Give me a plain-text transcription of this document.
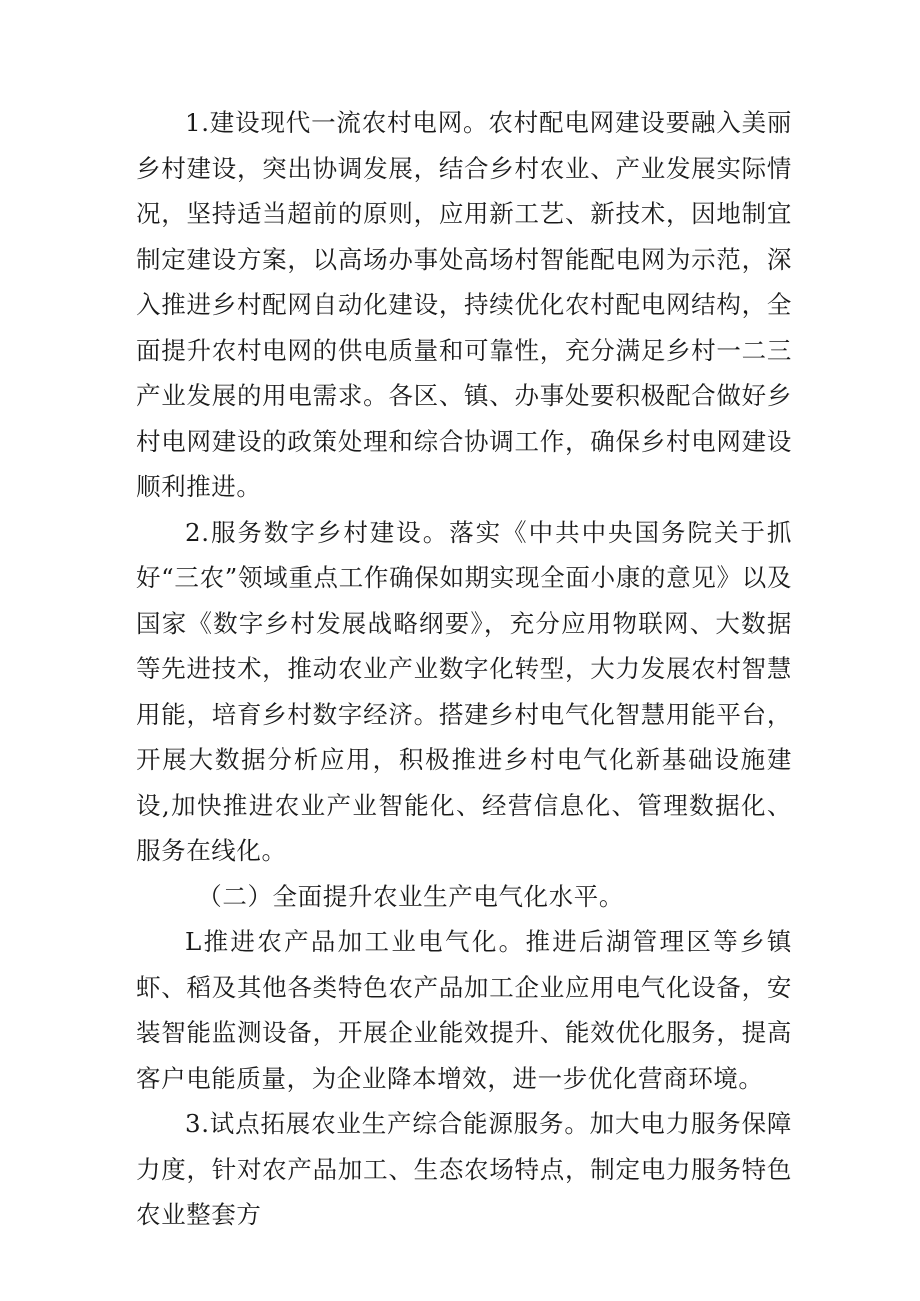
1.建设现代一流农村电网。农村配电网建设要融入美丽乡村建设，突出协调发展，结合乡村农业、产业发展实际情况，坚持适当超前的原则，应用新工艺、新技术，因地制宜制定建设方案，以高场办事处高场村智能配电网为示范，深入推进乡村配网自动化建设，持续优化农村配电网结构，全面提升农村电网的供电质量和可靠性，充分满足乡村一二三产业发展的用电需求。各区、镇、办事处要积极配合做好乡村电网建设的政策处理和综合协调工作，确保乡村电网建设顺利推进。

2.服务数字乡村建设。落实《中共中央国务院关于抓好“三农”领域重点工作确保如期实现全面小康的意见》以及国家《数字乡村发展战略纲要》，充分应用物联网、大数据等先进技术，推动农业产业数字化转型，大力发展农村智慧用能，培育乡村数字经济。搭建乡村电气化智慧用能平台，开展大数据分析应用，积极推进乡村电气化新基础设施建设,加快推进农业产业智能化、经营信息化、管理数据化、服务在线化。

（二）全面提升农业生产电气化水平。

L推进农产品加工业电气化。推进后湖管理区等乡镇虾、稻及其他各类特色农产品加工企业应用电气化设备，安装智能监测设备，开展企业能效提升、能效优化服务，提高客户电能质量，为企业降本增效，进一步优化营商环境。

3.试点拓展农业生产综合能源服务。加大电力服务保障力度，针对农产品加工、生态农场特点，制定电力服务特色农业整套方
